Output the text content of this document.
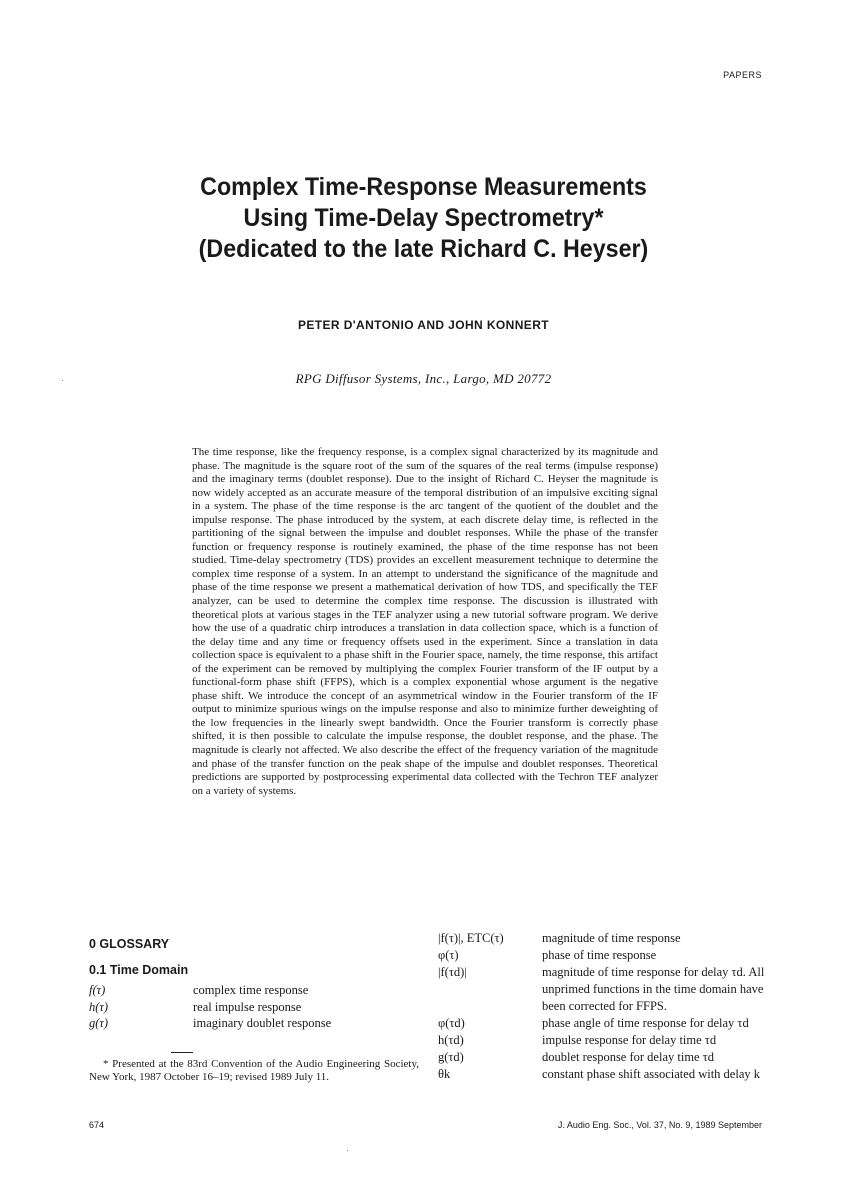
PAPERS
Complex Time-Response Measurements
Using Time-Delay Spectrometry*
(Dedicated to the late Richard C. Heyser)
PETER D'ANTONIO AND JOHN KONNERT
RPG Diffusor Systems, Inc., Largo, MD 20772
The time response, like the frequency response, is a complex signal characterized by its magnitude and phase. The magnitude is the square root of the sum of the squares of the real terms (impulse response) and the imaginary terms (doublet response). Due to the insight of Richard C. Heyser the magnitude is now widely accepted as an accurate measure of the temporal distribution of an impulsive exciting signal in a system. The phase of the time response is the arc tangent of the quotient of the doublet and the impulse response. The phase introduced by the system, at each discrete delay time, is reflected in the partitioning of the signal between the impulse and doublet responses. While the phase of the transfer function or frequency response is routinely examined, the phase of the time response has not been studied. Time-delay spectrometry (TDS) provides an excellent measurement technique to determine the complex time response of a system. In an attempt to understand the significance of the magnitude and phase of the time response we present a mathematical derivation of how TDS, and specifically the TEF analyzer, can be used to determine the complex time response. The discussion is illustrated with theoretical plots at various stages in the TEF analyzer using a new tutorial software program. We derive how the use of a quadratic chirp introduces a translation in data collection space, which is a function of the delay time and any time or frequency offsets used in the experiment. Since a translation in data collection space is equivalent to a phase shift in the Fourier space, namely, the time response, this artifact of the experiment can be removed by multiplying the complex Fourier transform of the IF output by a functional-form phase shift (FFPS), which is a complex exponential whose argument is the negative phase shift. We introduce the concept of an asymmetrical window in the Fourier transform of the IF output to minimize spurious wings on the impulse response and also to minimize further deweighting of the low frequencies in the linearly swept bandwidth. Once the Fourier transform is correctly phase shifted, it is then possible to calculate the impulse response, the doublet response, and the phase. The magnitude is clearly not affected. We also describe the effect of the frequency variation of the magnitude and phase of the transfer function on the peak shape of the impulse and doublet responses. Theoretical predictions are supported by postprocessing experimental data collected with the Techron TEF analyzer on a variety of systems.
0 GLOSSARY
0.1 Time Domain
f(τ)	complex time response
h(τ)	real impulse response
g(τ)	imaginary doublet response
* Presented at the 83rd Convention of the Audio Engineering Society, New York, 1987 October 16–19; revised 1989 July 11.
|f(τ)|, ETC(τ)	magnitude of time response
φ(τ)	phase of time response
|f(τd)|	magnitude of time response for delay τd. All unprimed functions in the time domain have been corrected for FFPS.
φ(τd)	phase angle of time response for delay τd
h(τd)	impulse response for delay time τd
g(τd)	doublet response for delay time τd
θk	constant phase shift associated with delay k
674	J. Audio Eng. Soc., Vol. 37, No. 9, 1989 September
